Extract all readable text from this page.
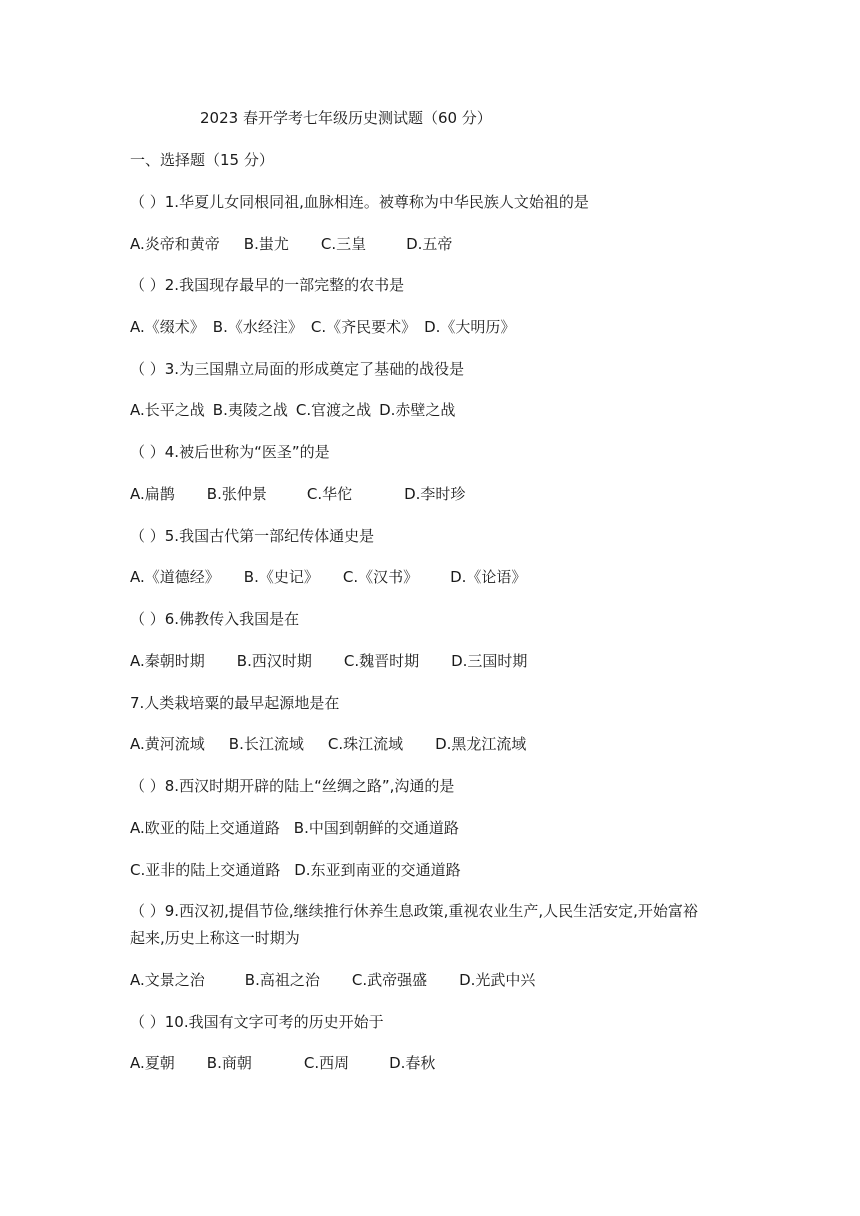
2023 春开学考七年级历史测试题（60 分）
一、选择题（15 分）
（ ）1.华夏儿女同根同祖,血脉相连。被尊称为中华民族人文始祖的是
A.炎帝和黄帝 B.蚩尤 C.三皇	D.五帝
（ ）2.我国现存最早的一部完整的农书是
A.《缀术》 B.《水经注》 C.《齐民要术》 D.《大明历》
（ ）3.为三国鼎立局面的形成奠定了基础的战役是
A.长平之战 B.夷陵之战 C.官渡之战 D.赤壁之战
（ ）4.被后世称为“医圣”的是
A.扁鹊 B.张仲景	C.华佗	D.李时珍
（ ）5.我国古代第一部纪传体通史是
A.《道德经》 B.《史记》 C.《汉书》 D.《论语》
（ ）6.佛教传入我国是在
A.秦朝时期 B.西汉时期 C.魏晋时期 D.三国时期
7.人类栽培粟的最早起源地是在
A.黄河流域 B.长江流域 C.珠江流域 D.黑龙江流域
（ ）8.西汉时期开辟的陆上“丝绸之路”,沟通的是
A.欧亚的陆上交通道路 B.中国到朝鲜的交通道路
C.亚非的陆上交通道路 D.东亚到南亚的交通道路
（ ）9.西汉初,提倡节俭,继续推行休养生息政策,重视农业生产,人民生活安定,开始富裕
起来,历史上称这一时期为
A.文景之治	B.高祖之治 C.武帝强盛 D.光武中兴
（ ）10.我国有文字可考的历史开始于
A.夏朝 B.商朝	C.西周	D.春秋
